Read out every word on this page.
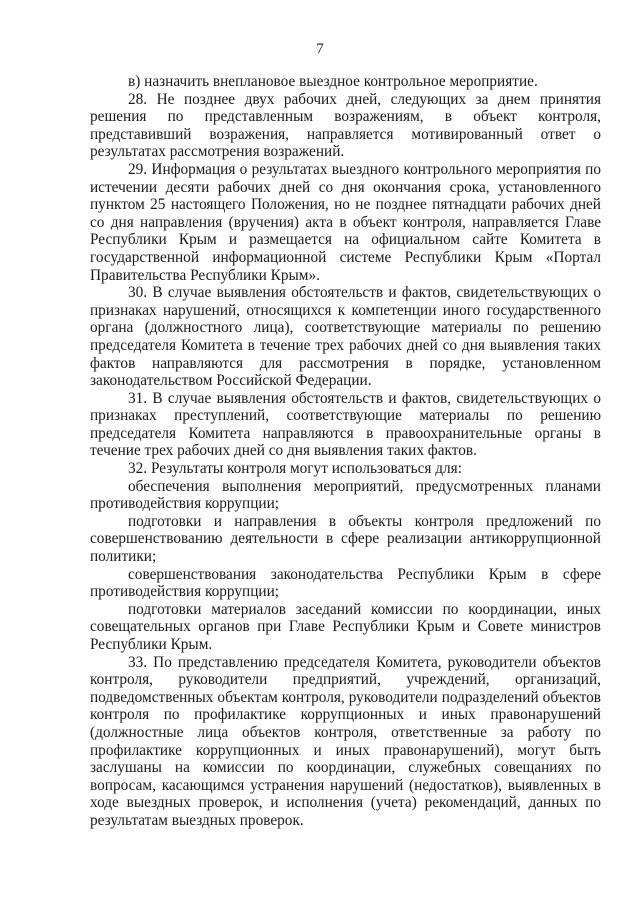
7

в) назначить внеплановое выездное контрольное мероприятие.

28. Не позднее двух рабочих дней, следующих за днем принятия решения по представленным возражениям, в объект контроля, представивший возражения, направляется мотивированный ответ о результатах рассмотрения возражений.

29. Информация о результатах выездного контрольного мероприятия по истечении десяти рабочих дней со дня окончания срока, установленного пунктом 25 настоящего Положения, но не позднее пятнадцати рабочих дней со дня направления (вручения) акта в объект контроля, направляется Главе Республики Крым и размещается на официальном сайте Комитета в государственной информационной системе Республики Крым «Портал Правительства Республики Крым».

30. В случае выявления обстоятельств и фактов, свидетельствующих о признаках нарушений, относящихся к компетенции иного государственного органа (должностного лица), соответствующие материалы по решению председателя Комитета в течение трех рабочих дней со дня выявления таких фактов направляются для рассмотрения в порядке, установленном законодательством Российской Федерации.

31. В случае выявления обстоятельств и фактов, свидетельствующих о признаках преступлений, соответствующие материалы по решению председателя Комитета направляются в правоохранительные органы в течение трех рабочих дней со дня выявления таких фактов.

32. Результаты контроля могут использоваться для:

обеспечения выполнения мероприятий, предусмотренных планами противодействия коррупции;

подготовки и направления в объекты контроля предложений по совершенствованию деятельности в сфере реализации антикоррупционной политики;

совершенствования законодательства Республики Крым в сфере противодействия коррупции;

подготовки материалов заседаний комиссии по координации, иных совещательных органов при Главе Республики Крым и Совете министров Республики Крым.

33. По представлению председателя Комитета, руководители объектов контроля, руководители предприятий, учреждений, организаций, подведомственных объектам контроля, руководители подразделений объектов контроля по профилактике коррупционных и иных правонарушений (должностные лица объектов контроля, ответственные за работу по профилактике коррупционных и иных правонарушений), могут быть заслушаны на комиссии по координации, служебных совещаниях по вопросам, касающимся устранения нарушений (недостатков), выявленных в ходе выездных проверок, и исполнения (учета) рекомендаций, данных по результатам выездных проверок.
